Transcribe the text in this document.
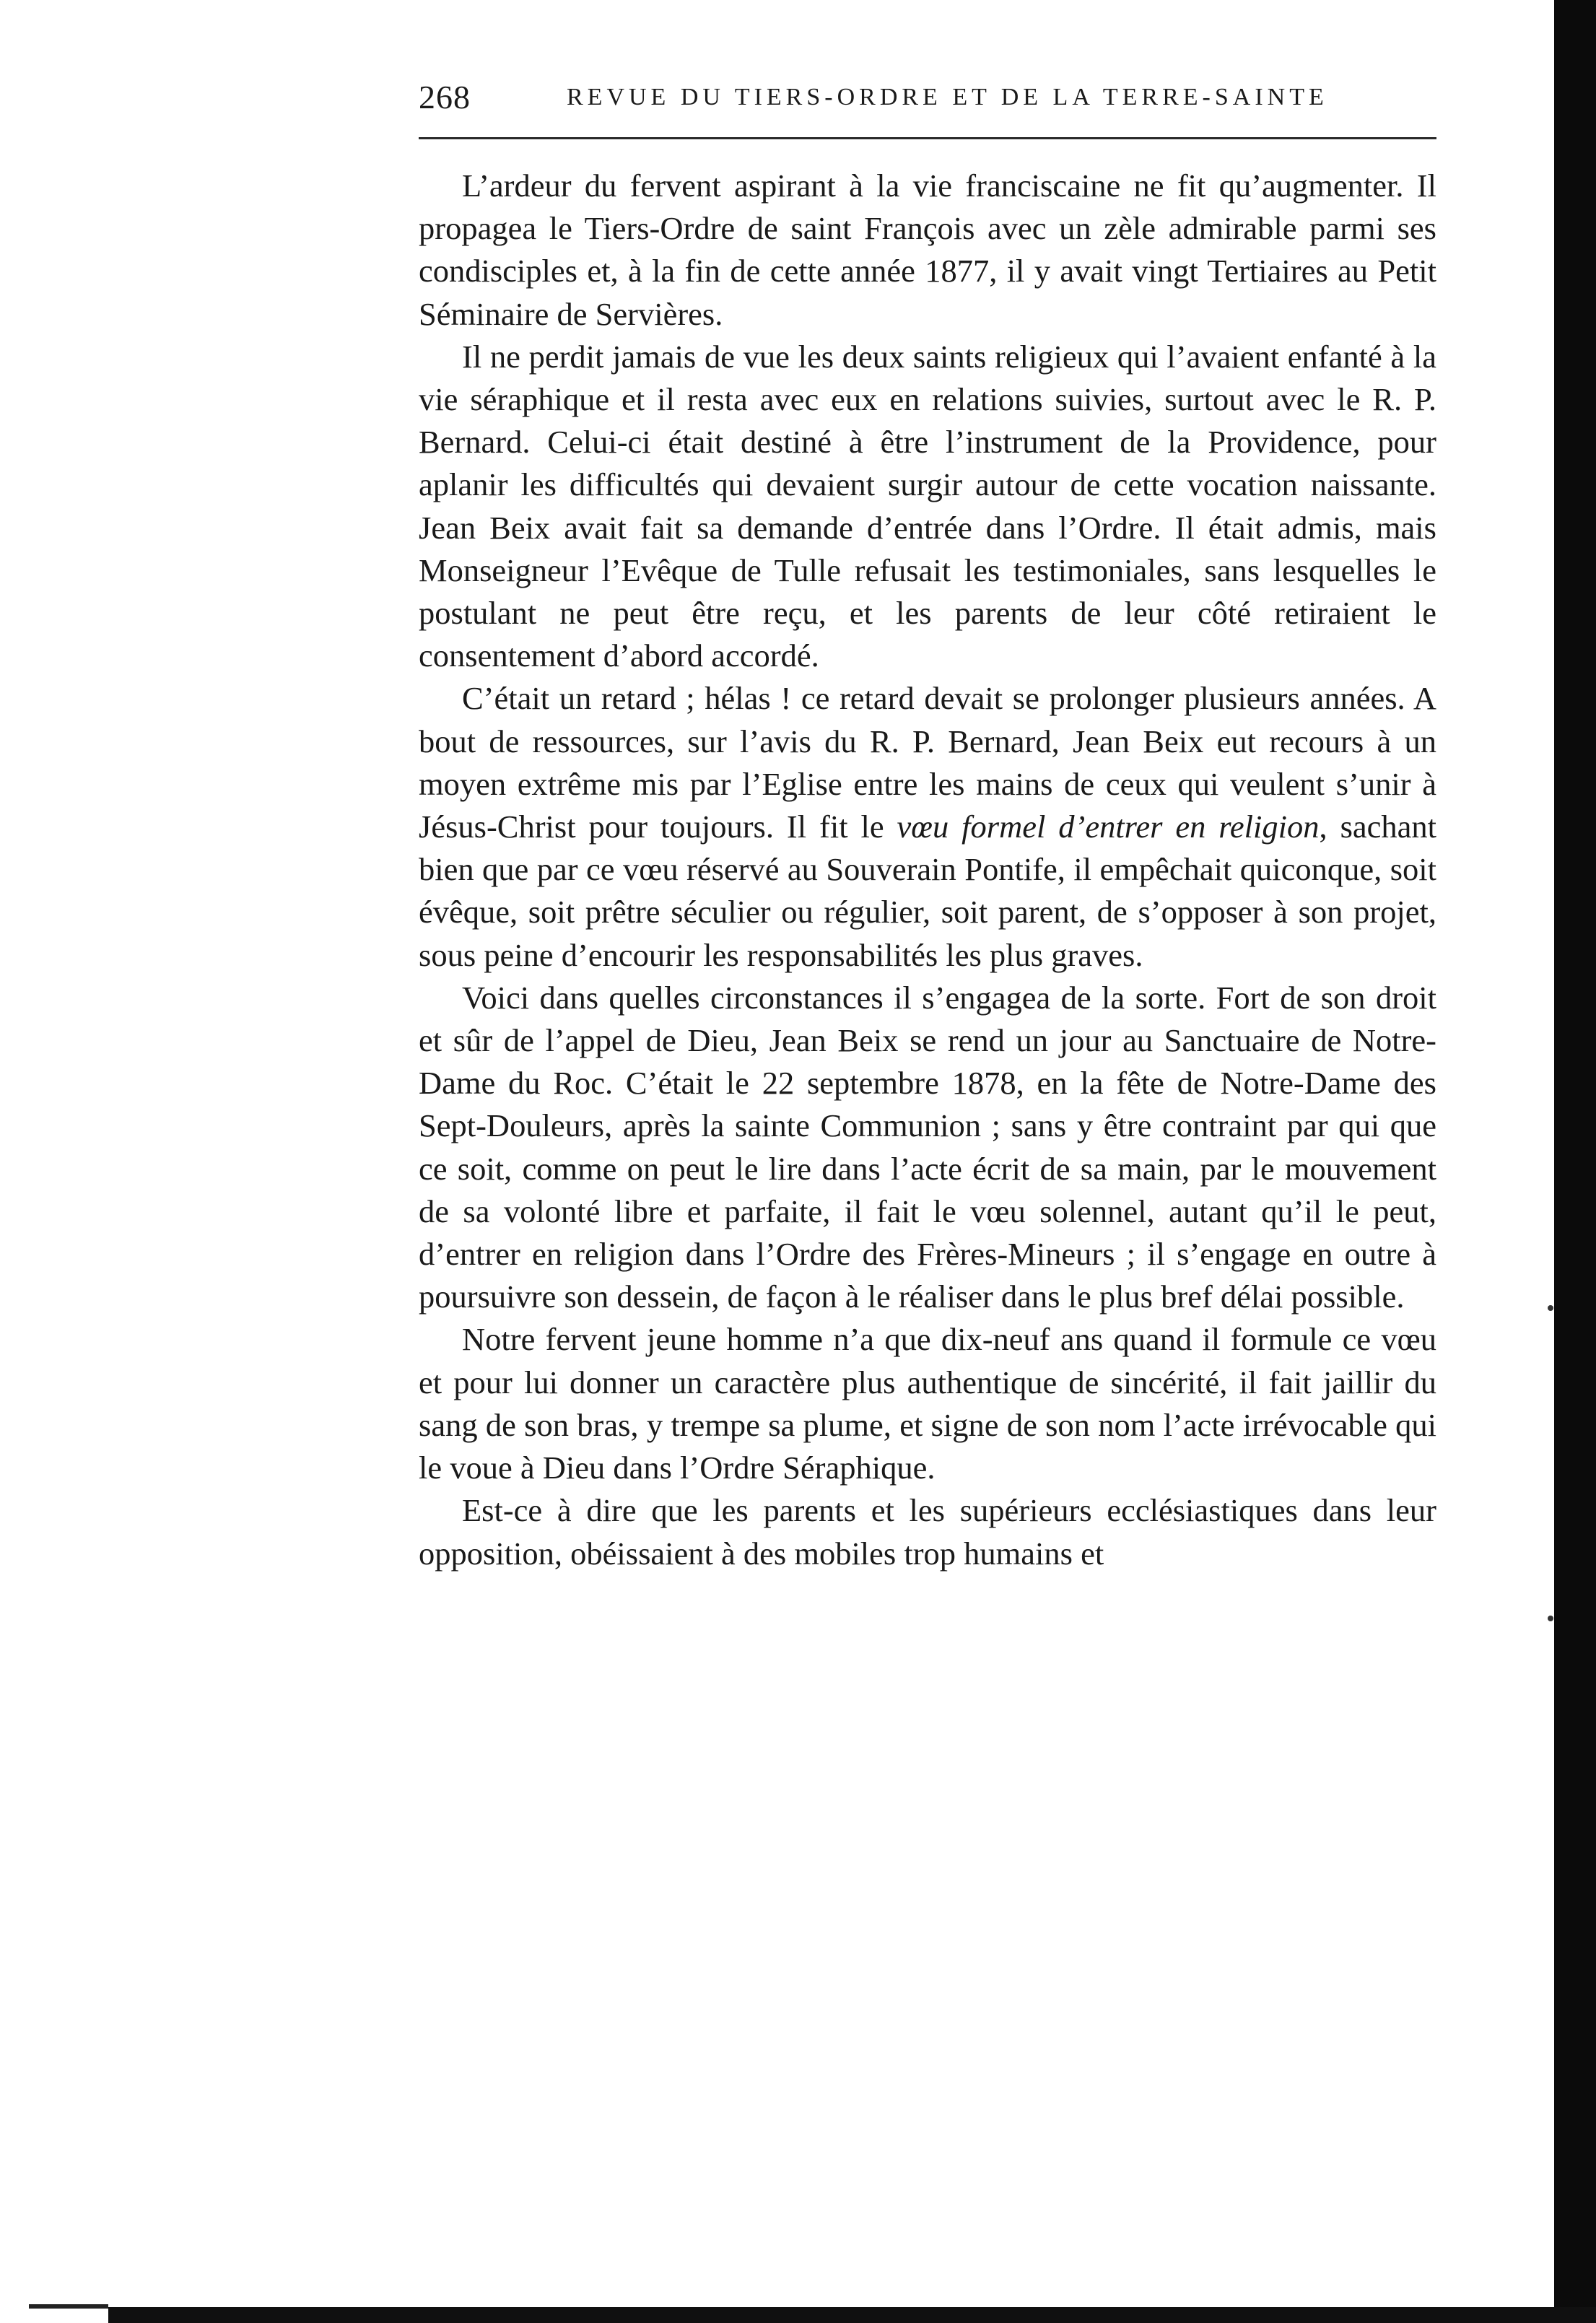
268	REVUE DU TIERS-ORDRE ET DE LA TERRE-SAINTE

L’ardeur du fervent aspirant à la vie franciscaine ne fit qu’augmenter. Il propagea le Tiers-Ordre de saint François avec un zèle admirable parmi ses condisciples et, à la fin de cette année 1877, il y avait vingt Tertiaires au Petit Séminaire de Servières.

Il ne perdit jamais de vue les deux saints religieux qui l’avaient enfanté à la vie séraphique et il resta avec eux en relations suivies, surtout avec le R. P. Bernard. Celui-ci était destiné à être l’instrument de la Providence, pour aplanir les difficultés qui devaient surgir autour de cette vocation naissante. Jean Beix avait fait sa demande d’entrée dans l’Ordre. Il était admis, mais Monseigneur l’Evêque de Tulle refusait les testimoniales, sans lesquelles le postulant ne peut être reçu, et les parents de leur côté retiraient le consentement d’abord accordé.

C’était un retard ; hélas ! ce retard devait se prolonger plusieurs années. A bout de ressources, sur l’avis du R. P. Bernard, Jean Beix eut recours à un moyen extrême mis par l’Eglise entre les mains de ceux qui veulent s’unir à Jésus-Christ pour toujours. Il fit le vœu formel d’entrer en religion, sachant bien que par ce vœu réservé au Souverain Pontife, il empêchait quiconque, soit évêque, soit prêtre séculier ou régulier, soit parent, de s’opposer à son projet, sous peine d’encourir les responsabilités les plus graves.

Voici dans quelles circonstances il s’engagea de la sorte. Fort de son droit et sûr de l’appel de Dieu, Jean Beix se rend un jour au Sanctuaire de Notre-Dame du Roc. C’était le 22 septembre 1878, en la fête de Notre-Dame des Sept-Douleurs, après la sainte Communion ; sans y être contraint par qui que ce soit, comme on peut le lire dans l’acte écrit de sa main, par le mouvement de sa volonté libre et parfaite, il fait le vœu solennel, autant qu’il le peut, d’entrer en religion dans l’Ordre des Frères-Mineurs ; il s’engage en outre à poursuivre son dessein, de façon à le réaliser dans le plus bref délai possible.

Notre fervent jeune homme n’a que dix-neuf ans quand il formule ce vœu et pour lui donner un caractère plus authentique de sincérité, il fait jaillir du sang de son bras, y trempe sa plume, et signe de son nom l’acte irrévocable qui le voue à Dieu dans l’Ordre Séraphique.

Est-ce à dire que les parents et les supérieurs ecclésiastiques dans leur opposition, obéissaient à des mobiles trop humains et
